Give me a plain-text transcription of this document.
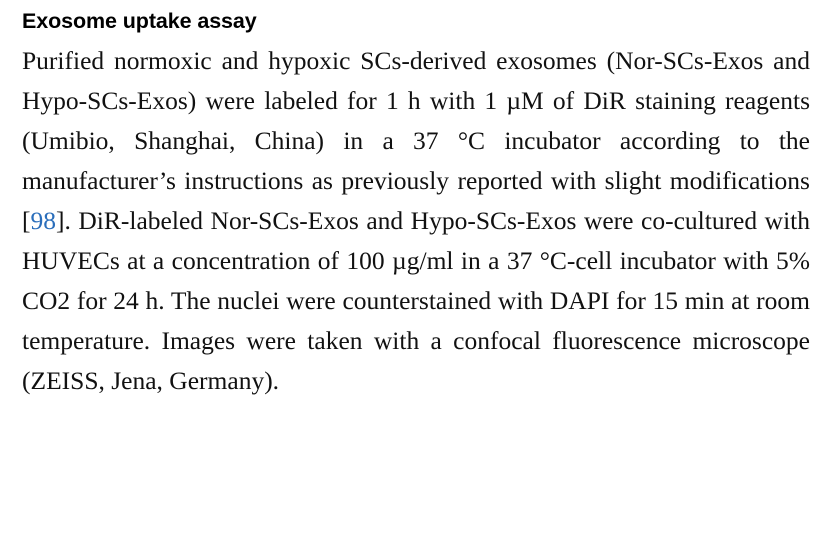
Exosome uptake assay

Purified normoxic and hypoxic SCs-derived exosomes (Nor-SCs-Exos and Hypo-SCs-Exos) were labeled for 1 h with 1 µM of DiR staining reagents (Umibio, Shanghai, China) in a 37 °C incubator according to the manufacturer’s instructions as previously reported with slight modifications [98]. DiR-labeled Nor-SCs-Exos and Hypo-SCs-Exos were co-cultured with HUVECs at a concentration of 100 µg/ml in a 37 °C-cell incubator with 5% CO2 for 24 h. The nuclei were counterstained with DAPI for 15 min at room temperature. Images were taken with a confocal fluorescence microscope (ZEISS, Jena, Germany).
